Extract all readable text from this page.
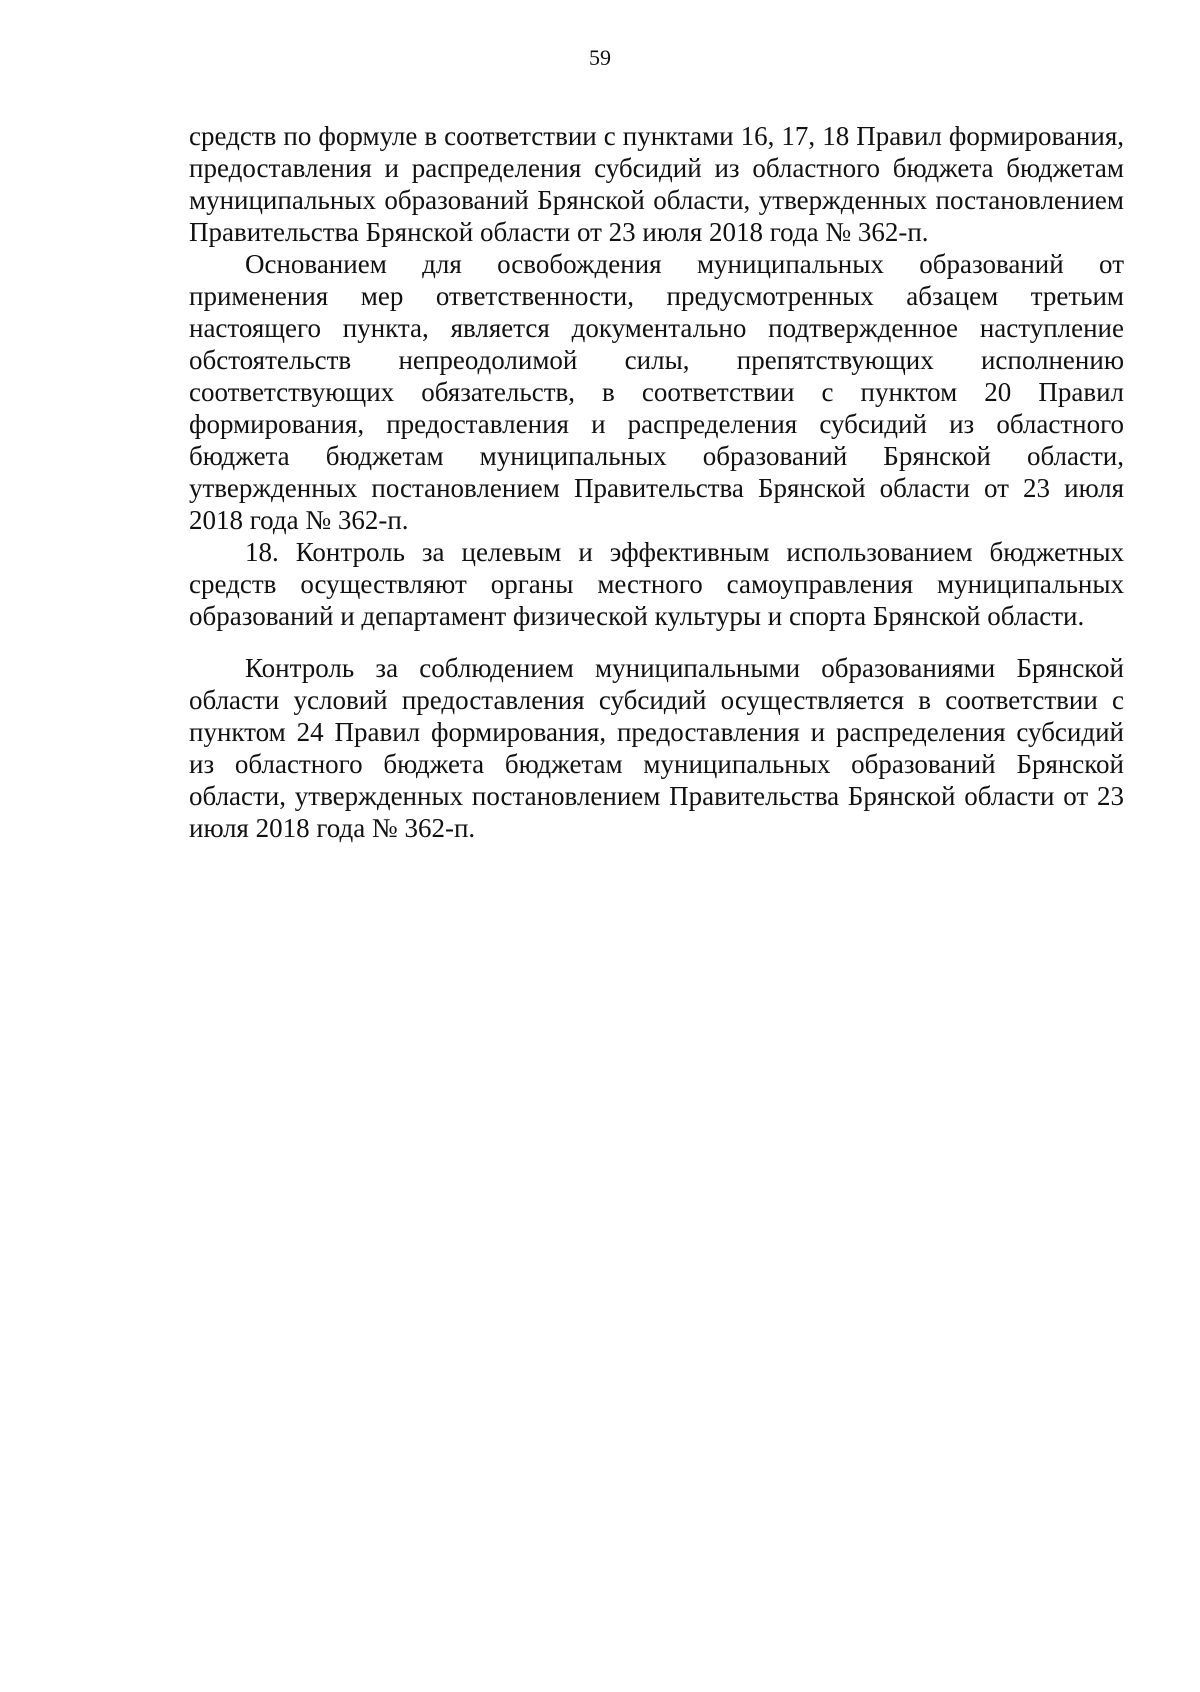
59

средств по формуле в соответствии с пунктами 16, 17, 18 Правил формирования, предоставления и распределения субсидий из областного бюджета бюджетам муниципальных образований Брянской области, утвержденных постановлением Правительства Брянской области от 23 июля 2018 года № 362-п.

Основанием для освобождения муниципальных образований от применения мер ответственности, предусмотренных абзацем третьим настоящего пункта, является документально подтвержденное наступление обстоятельств непреодолимой силы, препятствующих исполнению соответствующих обязательств, в соответствии с пунктом 20 Правил формирования, предоставления и распределения субсидий из областного бюджета бюджетам муниципальных образований Брянской области, утвержденных постановлением Правительства Брянской области от 23 июля 2018 года № 362-п.

18. Контроль за целевым и эффективным использованием бюджетных средств осуществляют органы местного самоуправления муниципальных образований и департамент физической культуры и спорта Брянской области.

Контроль за соблюдением муниципальными образованиями Брянской области условий предоставления субсидий осуществляется в соответствии с пунктом 24 Правил формирования, предоставления и распределения субсидий из областного бюджета бюджетам муниципальных образований Брянской области, утвержденных постановлением Правительства Брянской области от 23 июля 2018 года № 362-п.
